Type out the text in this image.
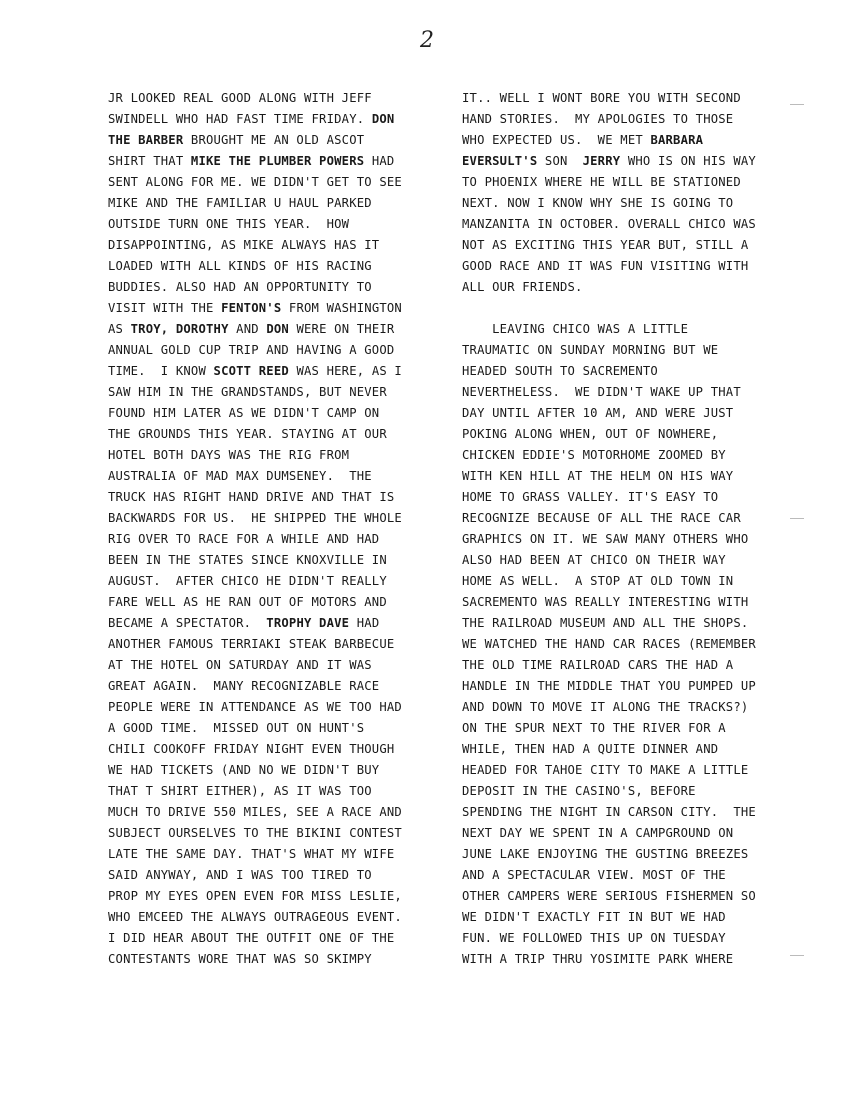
2
JR LOOKED REAL GOOD ALONG WITH JEFF
SWINDELL WHO HAD FAST TIME FRIDAY. DON
THE BARBER BROUGHT ME AN OLD ASCOT
SHIRT THAT MIKE THE PLUMBER POWERS HAD
SENT ALONG FOR ME. WE DIDN'T GET TO SEE
MIKE AND THE FAMILIAR U HAUL PARKED
OUTSIDE TURN ONE THIS YEAR.  HOW
DISAPPOINTING, AS MIKE ALWAYS HAS IT
LOADED WITH ALL KINDS OF HIS RACING
BUDDIES. ALSO HAD AN OPPORTUNITY TO
VISIT WITH THE FENTON'S FROM WASHINGTON
AS TROY, DOROTHY AND DON WERE ON THEIR
ANNUAL GOLD CUP TRIP AND HAVING A GOOD
TIME.  I KNOW SCOTT REED WAS HERE, AS I
SAW HIM IN THE GRANDSTANDS, BUT NEVER
FOUND HIM LATER AS WE DIDN'T CAMP ON
THE GROUNDS THIS YEAR. STAYING AT OUR
HOTEL BOTH DAYS WAS THE RIG FROM
AUSTRALIA OF MAD MAX DUMSENEY.  THE
TRUCK HAS RIGHT HAND DRIVE AND THAT IS
BACKWARDS FOR US.  HE SHIPPED THE WHOLE
RIG OVER TO RACE FOR A WHILE AND HAD
BEEN IN THE STATES SINCE KNOXVILLE IN
AUGUST.  AFTER CHICO HE DIDN'T REALLY
FARE WELL AS HE RAN OUT OF MOTORS AND
BECAME A SPECTATOR.  TROPHY DAVE HAD
ANOTHER FAMOUS TERRIAKI STEAK BARBECUE
AT THE HOTEL ON SATURDAY AND IT WAS
GREAT AGAIN.  MANY RECOGNIZABLE RACE
PEOPLE WERE IN ATTENDANCE AS WE TOO HAD
A GOOD TIME.  MISSED OUT ON HUNT'S
CHILI COOKOFF FRIDAY NIGHT EVEN THOUGH
WE HAD TICKETS (AND NO WE DIDN'T BUY
THAT T SHIRT EITHER), AS IT WAS TOO
MUCH TO DRIVE 550 MILES, SEE A RACE AND
SUBJECT OURSELVES TO THE BIKINI CONTEST
LATE THE SAME DAY. THAT'S WHAT MY WIFE
SAID ANYWAY, AND I WAS TOO TIRED TO
PROP MY EYES OPEN EVEN FOR MISS LESLIE,
WHO EMCEED THE ALWAYS OUTRAGEOUS EVENT.
I DID HEAR ABOUT THE OUTFIT ONE OF THE
CONTESTANTS WORE THAT WAS SO SKIMPY
IT.. WELL I WONT BORE YOU WITH SECOND
HAND STORIES.  MY APOLOGIES TO THOSE
WHO EXPECTED US.  WE MET BARBARA
EVERSULT'S SON  JERRY WHO IS ON HIS WAY
TO PHOENIX WHERE HE WILL BE STATIONED
NEXT. NOW I KNOW WHY SHE IS GOING TO
MANZANITA IN OCTOBER. OVERALL CHICO WAS
NOT AS EXCITING THIS YEAR BUT, STILL A
GOOD RACE AND IT WAS FUN VISITING WITH
ALL OUR FRIENDS.
LEAVING CHICO WAS A LITTLE
TRAUMATIC ON SUNDAY MORNING BUT WE
HEADED SOUTH TO SACREMENTO
NEVERTHELESS.  WE DIDN'T WAKE UP THAT
DAY UNTIL AFTER 10 AM, AND WERE JUST
POKING ALONG WHEN, OUT OF NOWHERE,
CHICKEN EDDIE'S MOTORHOME ZOOMED BY
WITH KEN HILL AT THE HELM ON HIS WAY
HOME TO GRASS VALLEY. IT'S EASY TO
RECOGNIZE BECAUSE OF ALL THE RACE CAR
GRAPHICS ON IT. WE SAW MANY OTHERS WHO
ALSO HAD BEEN AT CHICO ON THEIR WAY
HOME AS WELL.  A STOP AT OLD TOWN IN
SACREMENTO WAS REALLY INTERESTING WITH
THE RAILROAD MUSEUM AND ALL THE SHOPS.
WE WATCHED THE HAND CAR RACES (REMEMBER
THE OLD TIME RAILROAD CARS THE HAD A
HANDLE IN THE MIDDLE THAT YOU PUMPED UP
AND DOWN TO MOVE IT ALONG THE TRACKS?)
ON THE SPUR NEXT TO THE RIVER FOR A
WHILE, THEN HAD A QUITE DINNER AND
HEADED FOR TAHOE CITY TO MAKE A LITTLE
DEPOSIT IN THE CASINO'S, BEFORE
SPENDING THE NIGHT IN CARSON CITY.  THE
NEXT DAY WE SPENT IN A CAMPGROUND ON
JUNE LAKE ENJOYING THE GUSTING BREEZES
AND A SPECTACULAR VIEW. MOST OF THE
OTHER CAMPERS WERE SERIOUS FISHERMEN SO
WE DIDN'T EXACTLY FIT IN BUT WE HAD
FUN. WE FOLLOWED THIS UP ON TUESDAY
WITH A TRIP THRU YOSIMITE PARK WHERE
